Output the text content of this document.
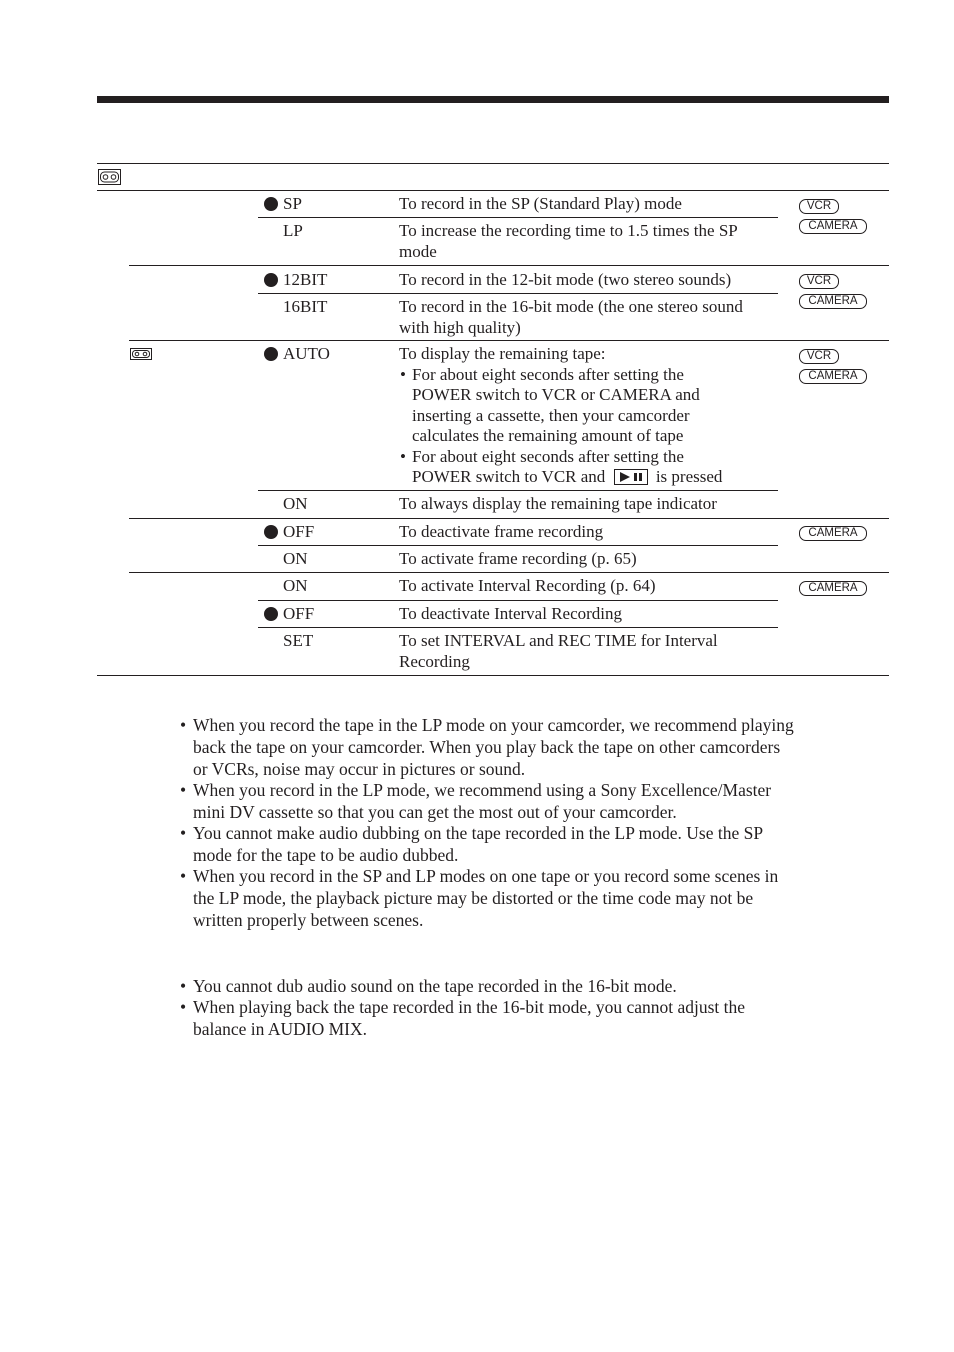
SP	To record in the SP (Standard Play) mode
LP	To increase the recording time to 1.5 times the SP
mode
VCR
CAMERA
12BIT	To record in the 12-bit mode (two stereo sounds)
16BIT	To record in the 16-bit mode (the one stereo sound
with high quality)
VCR
CAMERA
AUTO	To display the remaining tape:
• For about eight seconds after setting the
POWER switch to VCR or CAMERA and
inserting a cassette, then your camcorder
calculates the remaining amount of tape
• For about eight seconds after setting the
POWER switch to VCR and	is pressed
ON	To always display the remaining tape indicator
VCR
CAMERA
OFF	To deactivate frame recording
ON	To activate frame recording (p. 65)
CAMERA
ON	To activate Interval Recording (p. 64)
OFF	To deactivate Interval Recording
SET	To set INTERVAL and REC TIME for Interval
Recording
CAMERA
• When you record the tape in the LP mode on your camcorder, we recommend playing
back the tape on your camcorder. When you play back the tape on other camcorders
or VCRs, noise may occur in pictures or sound.
• When you record in the LP mode, we recommend using a Sony Excellence/Master
mini DV cassette so that you can get the most out of your camcorder.
• You cannot make audio dubbing on the tape recorded in the LP mode. Use the SP
mode for the tape to be audio dubbed.
• When you record in the SP and LP modes on one tape or you record some scenes in
the LP mode, the playback picture may be distorted or the time code may not be
written properly between scenes.
• You cannot dub audio sound on the tape recorded in the 16-bit mode.
• When playing back the tape recorded in the 16-bit mode, you cannot adjust the
balance in AUDIO MIX.
